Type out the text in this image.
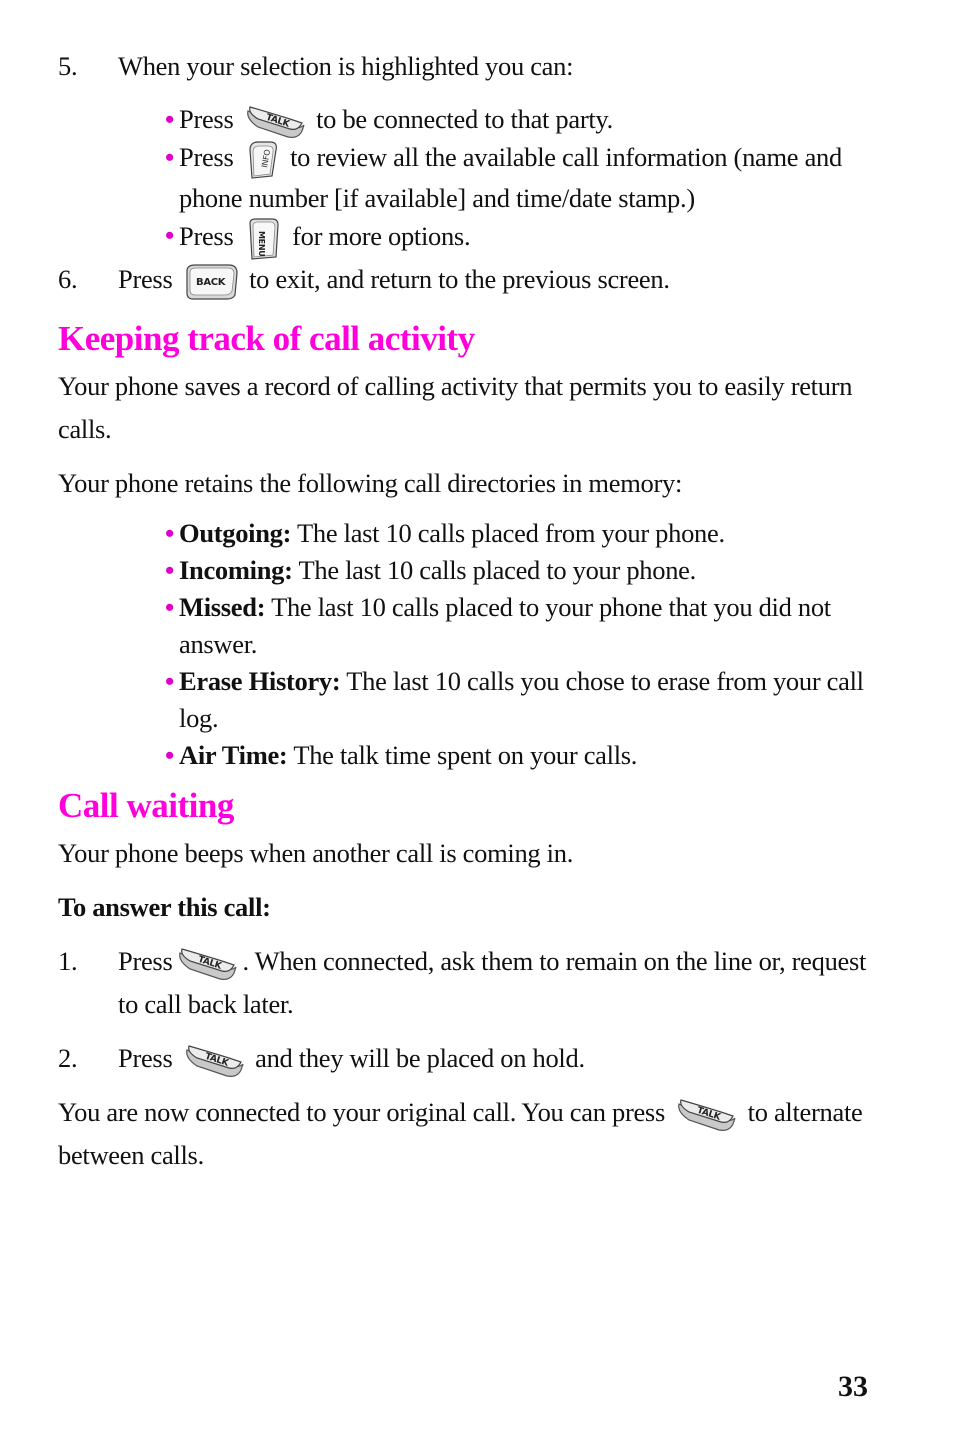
5. When your selection is highlighted you can:
• Press	TALK to be connected to that party.
• Press	INFO to review all the available call information (name and phone number [if available] and time/date stamp.)
• Press	MENU for more options.
6. Press BACK to exit, and return to the previous screen.
Keeping track of call activity
Your phone saves a record of calling activity that permits you to easily return calls.
Your phone retains the following call directories in memory:
• Outgoing: The last 10 calls placed from your phone.
• Incoming: The last 10 calls placed to your phone.
• Missed: The last 10 calls placed to your phone that you did not answer.
• Erase History: The last 10 calls you chose to erase from your call log.
• Air Time: The talk time spent on your calls.
Call waiting
Your phone beeps when another call is coming in.
To answer this call:
1. Press	TALK . When connected, ask them to remain on the line or, request to call back later.
2. Press	TALK and they will be placed on hold.
You are now connected to your original call. You can press	TALK to alternate between calls.
33
